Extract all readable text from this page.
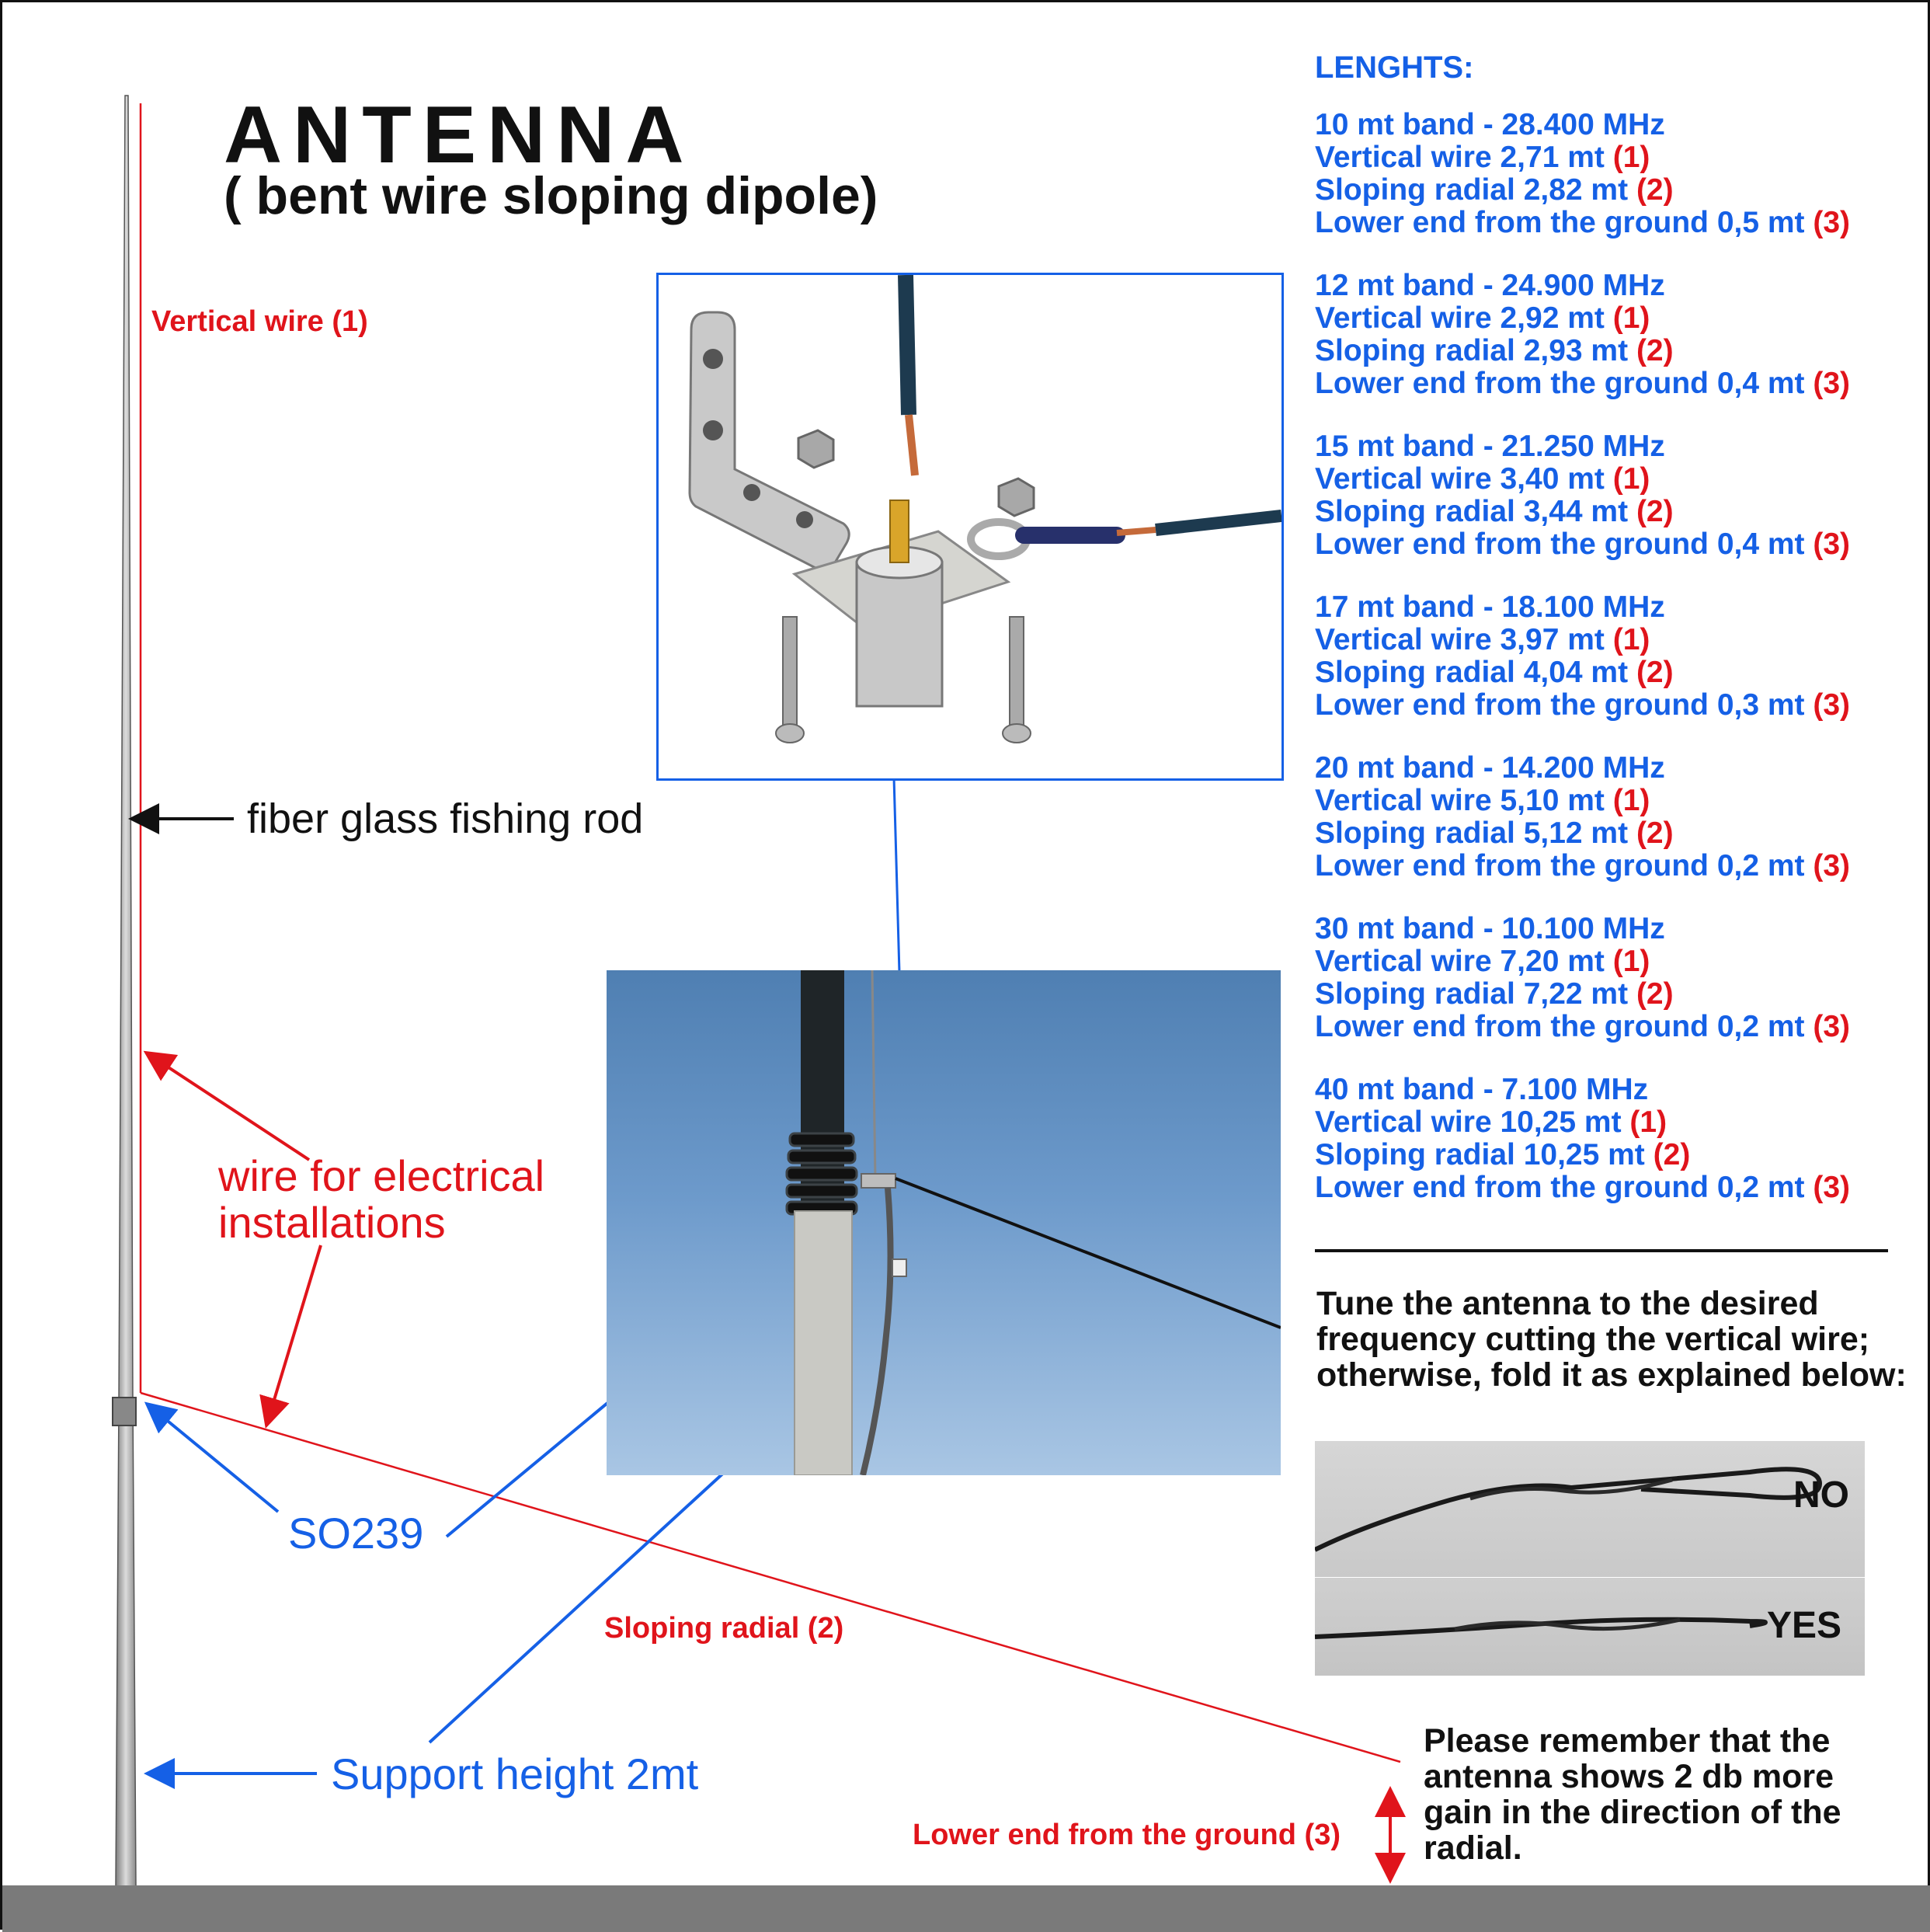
ANTENNA
( bent wire sloping dipole)
Vertical wire (1)
fiber glass fishing rod
wire for electrical
installations
SO239
Sloping radial (2)
Support height 2mt
Lower end from the ground (3)
LENGHTS:
10 mt band - 28.400 MHz
Vertical wire 2,71 mt (1)
Sloping radial 2,82 mt (2)
Lower end from the ground 0,5 mt (3)
12 mt band - 24.900 MHz
Vertical wire 2,92 mt (1)
Sloping radial 2,93 mt (2)
Lower end from the ground 0,4 mt (3)
15 mt band - 21.250 MHz
Vertical wire 3,40 mt (1)
Sloping radial 3,44 mt (2)
Lower end from the ground 0,4 mt (3)
17 mt band - 18.100 MHz
Vertical wire 3,97 mt (1)
Sloping radial 4,04 mt (2)
Lower end from the ground 0,3 mt (3)
20 mt band - 14.200 MHz
Vertical wire 5,10 mt (1)
Sloping radial 5,12 mt (2)
Lower end from the ground 0,2 mt (3)
30 mt band - 10.100 MHz
Vertical wire 7,20 mt (1)
Sloping radial 7,22 mt (2)
Lower end from the ground 0,2 mt (3)
40 mt band - 7.100 MHz
Vertical wire 10,25 mt (1)
Sloping radial 10,25 mt (2)
Lower end from the ground 0,2 mt (3)
Tune the antenna to the desired frequency cutting the vertical wire; otherwise, fold it as explained below:
NO
YES
Please remember that the antenna shows 2 db more gain in the direction of the radial.
